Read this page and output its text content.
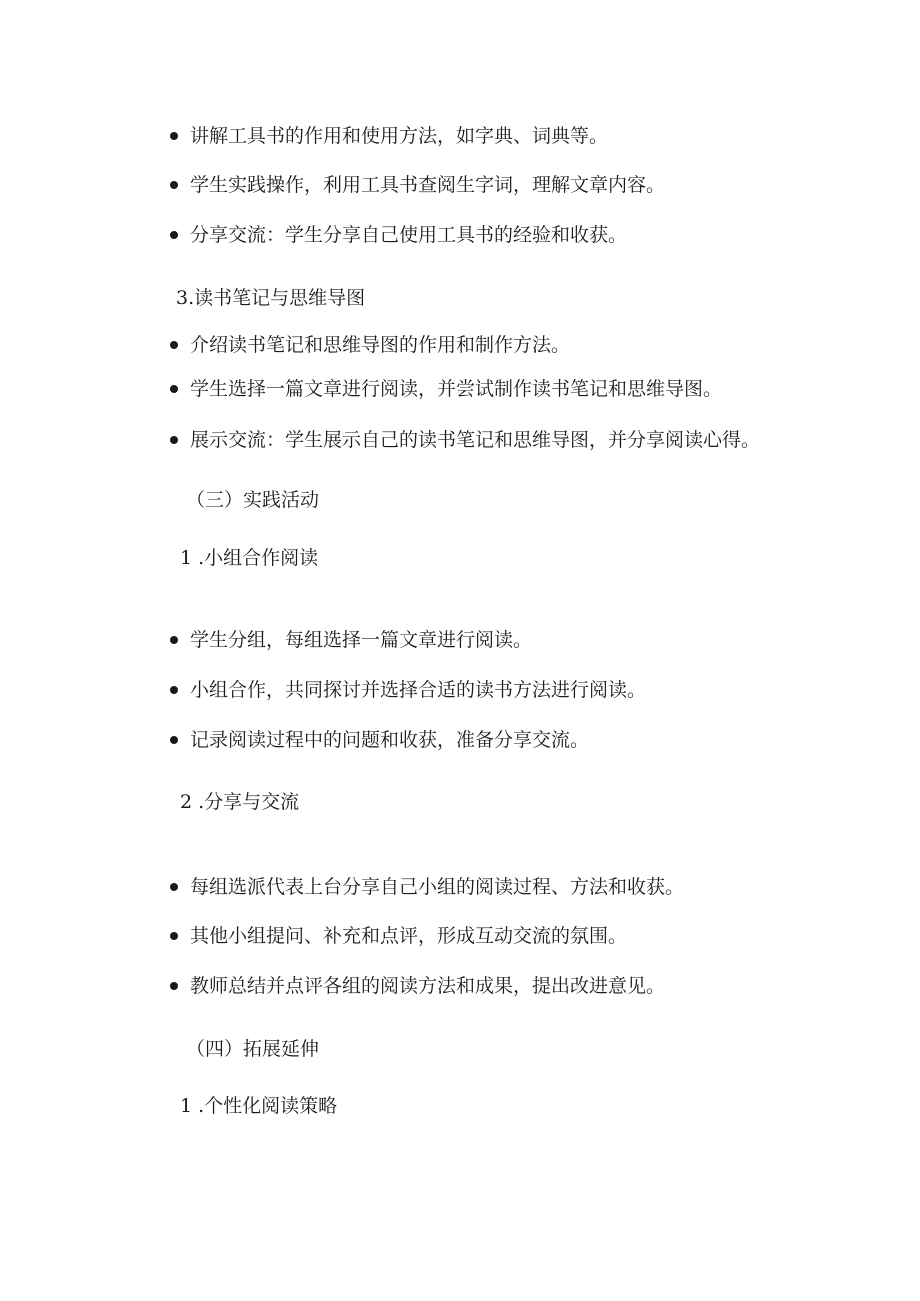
讲解工具书的作用和使用方法，如字典、词典等。
学生实践操作，利用工具书查阅生字词，理解文章内容。
分享交流：学生分享自己使用工具书的经验和收获。
3.读书笔记与思维导图
介绍读书笔记和思维导图的作用和制作方法。
学生选择一篇文章进行阅读，并尝试制作读书笔记和思维导图。
展示交流：学生展示自己的读书笔记和思维导图，并分享阅读心得。
（三）实践活动
1 .小组合作阅读
学生分组，每组选择一篇文章进行阅读。
小组合作，共同探讨并选择合适的读书方法进行阅读。
记录阅读过程中的问题和收获，准备分享交流。
2 .分享与交流
每组选派代表上台分享自己小组的阅读过程、方法和收获。
其他小组提问、补充和点评，形成互动交流的氛围。
教师总结并点评各组的阅读方法和成果，提出改进意见。
（四）拓展延伸
1 .个性化阅读策略
